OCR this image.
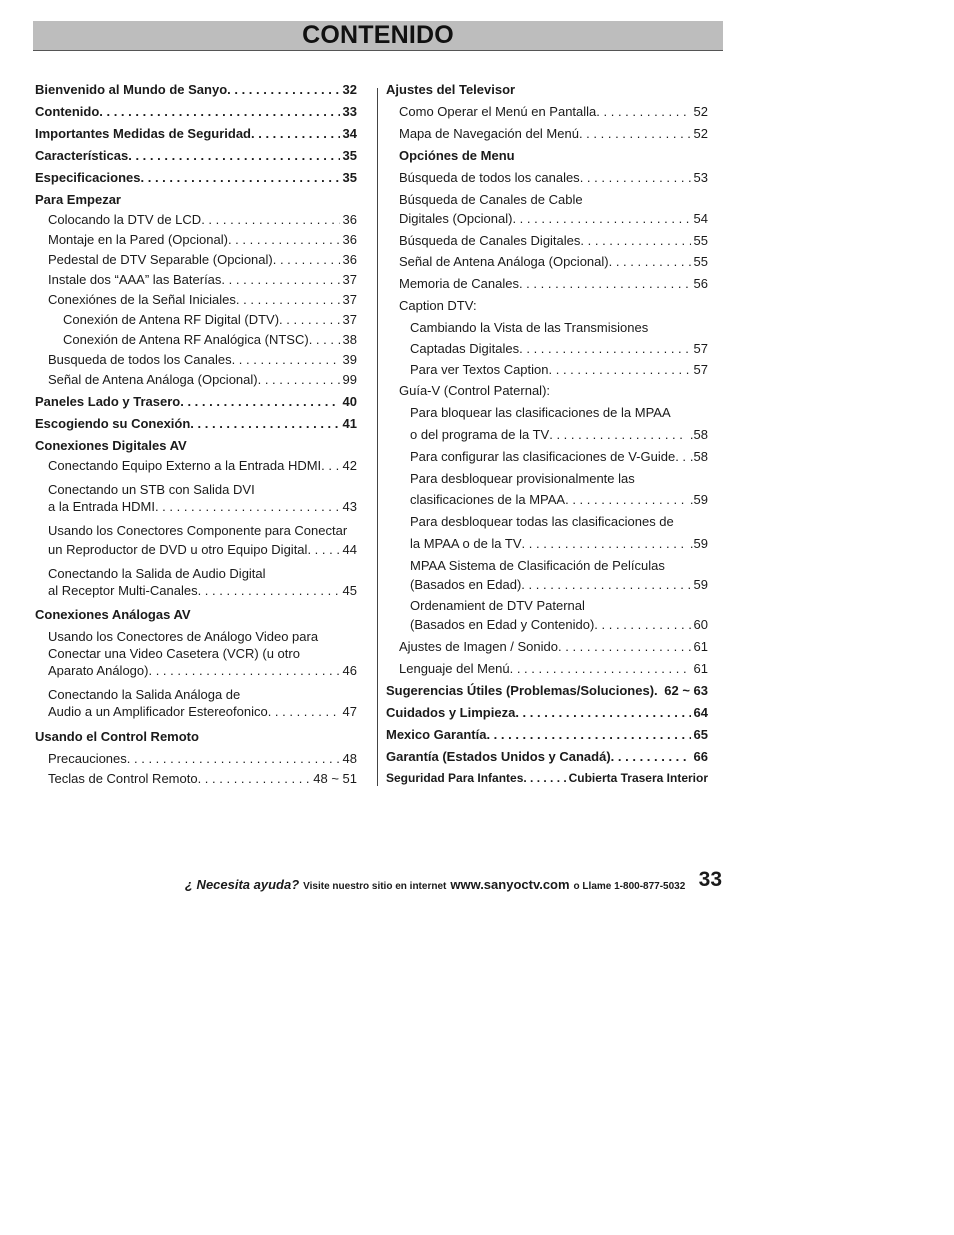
CONTENIDO
Bienvenido al Mundo de Sanyo . . .	32
Contenido . . .	33
Importantes Medidas de Seguridad . . .	34
Características . . .	35
Especificaciones . . .	35
Para Empezar
Colocando la DTV de LCD . . .	36
Montaje en la Pared (Opcional) . . .	36
Pedestal de DTV Separable (Opcional) . . .	36
Instale dos “AAA” las Baterías . . .	37
Conexiónes de la Señal Iniciales . . .	37
Conexión de Antena RF Digital (DTV) . . .	37
Conexión de Antena RF Analógica (NTSC) . . .	38
Busqueda de todos los Canales . . .	39
Señal de Antena Análoga (Opcional) . . .	99
Paneles Lado y Trasero . . .	40
Escogiendo su Conexión . . .	41
Conexiones Digitales AV
Conectando Equipo Externo a la Entrada HDMI . . . 42
Conectando un STB con Salida DVI
a la Entrada HDMI . . .	43
Usando los Conectores Componente para Conectar
un Reproductor de DVD u otro Equipo Digital . . .	44
Conectando la Salida de Audio Digital
al Receptor Multi-Canales . . .	45
Conexiones Análogas AV
Usando los Conectores de Análogo Video para
Conectar una Video Casetera (VCR) (u otro
Aparato Análogo) . . .	46
Conectando la Salida Análoga de
Audio a un Amplificador Estereofonico . . .	47
Usando el Control Remoto
Precauciones . . .	48
Teclas de Control Remoto . . .	48 ~ 51
Ajustes del Televisor
Como Operar el Menú en Pantalla . . .	52
Mapa de Navegación del Menú . . .	52
Opciónes de Menu
Búsqueda de todos los canales . . .	53
Búsqueda de Canales de Cable
Digitales (Opcional) . . .	54
Búsqueda de Canales Digitales . . .	55
Señal de Antena Análoga (Opcional) . . .	55
Memoria de Canales . . .	56
Caption DTV:
Cambiando la Vista de las Transmisiones
Captadas Digitales . . .	57
Para ver Textos Caption . . .	57
Guía-V (Control Paternal):
Para bloquear las clasificaciones de la MPAA
o del programa de la TV . . .	.58
Para configurar las clasificaciones de V-Guide . . . .58
Para desbloquear provisionalmente las
clasificaciones de la MPAA . . .	.59
Para desbloquear todas las clasificaciones de
la MPAA o de la TV . . .	.59
MPAA Sistema de Clasificación de Películas
(Basados en Edad) . . .	59
Ordenamient de DTV Paternal
(Basados en Edad y Contenido) . . .	60
Ajustes de Imagen / Sonido . . .	61
Lenguaje del Menú . . .	61
Sugerencias Útiles (Problemas/Soluciones) . . . 62 ~ 63
Cuidados y Limpieza . . .	64
Mexico Garantía . . .	65
Garantía (Estados Unidos y Canadá) . . .	66
Seguridad Para Infantes . . .	Cubierta Trasera Interior
¿ Necesita ayuda? Visite nuestro sitio en internet www.sanyoctv.com o Llame 1-800-877-5032 33
